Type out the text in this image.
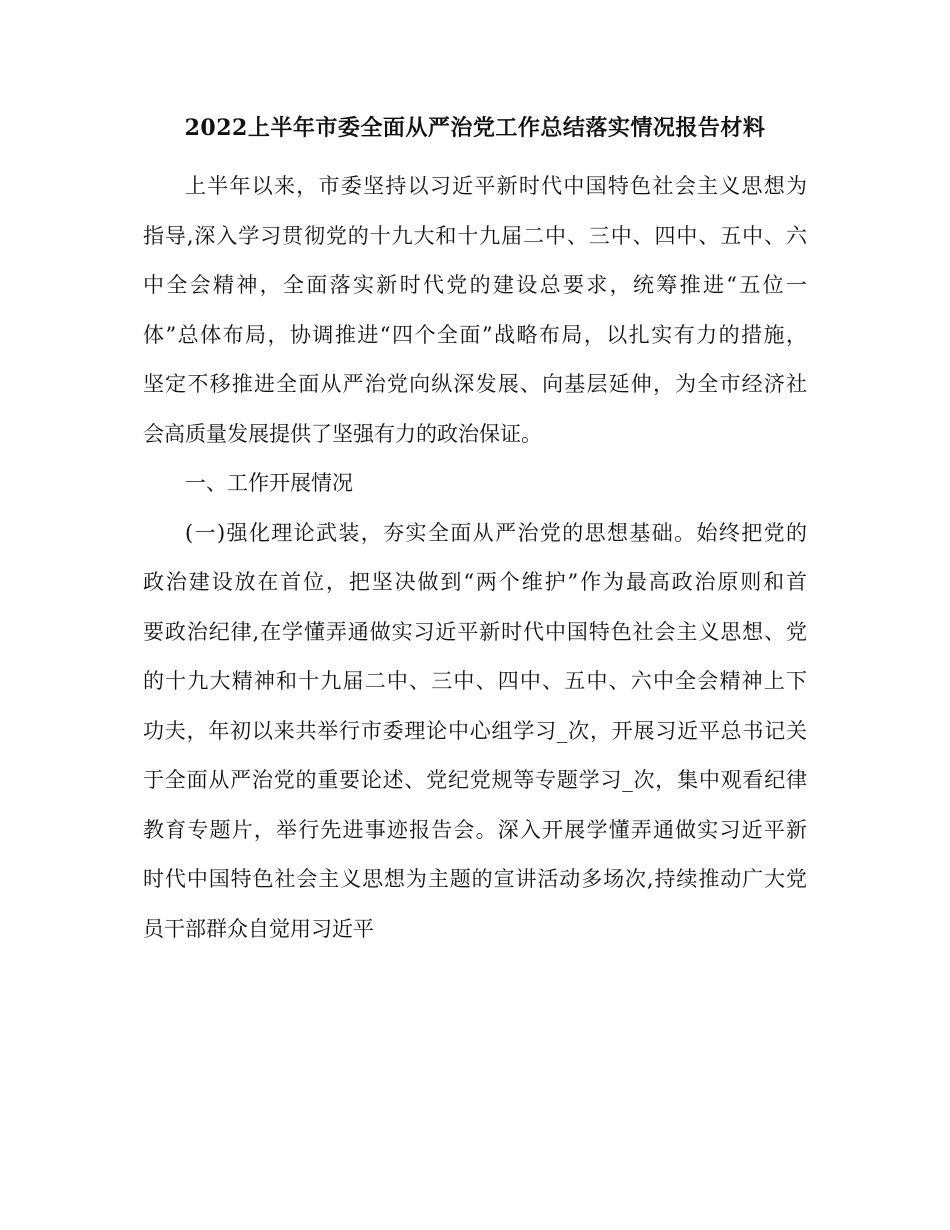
2022上半年市委全面从严治党工作总结落实情况报告材料
上半年以来，市委坚持以习近平新时代中国特色社会主义思想为
指导,深入学习贯彻党的十九大和十九届二中、三中、四中、五中、六
中全会精神，全面落实新时代党的建设总要求，统筹推进“五位一
体”总体布局，协调推进“四个全面”战略布局，以扎实有力的措施，
坚定不移推进全面从严治党向纵深发展、向基层延伸，为全市经济社
会高质量发展提供了坚强有力的政治保证。
一、工作开展情况
(一)强化理论武装，夯实全面从严治党的思想基础。始终把党的
政治建设放在首位，把坚决做到“两个维护”作为最高政治原则和首
要政治纪律,在学懂弄通做实习近平新时代中国特色社会主义思想、党
的十九大精神和十九届二中、三中、四中、五中、六中全会精神上下
功夫，年初以来共举行市委理论中心组学习_次，开展习近平总书记关
于全面从严治党的重要论述、党纪党规等专题学习_次，集中观看纪律
教育专题片，举行先进事迹报告会。深入开展学懂弄通做实习近平新
时代中国特色社会主义思想为主题的宣讲活动多场次,持续推动广大党
员干部群众自觉用习近平
